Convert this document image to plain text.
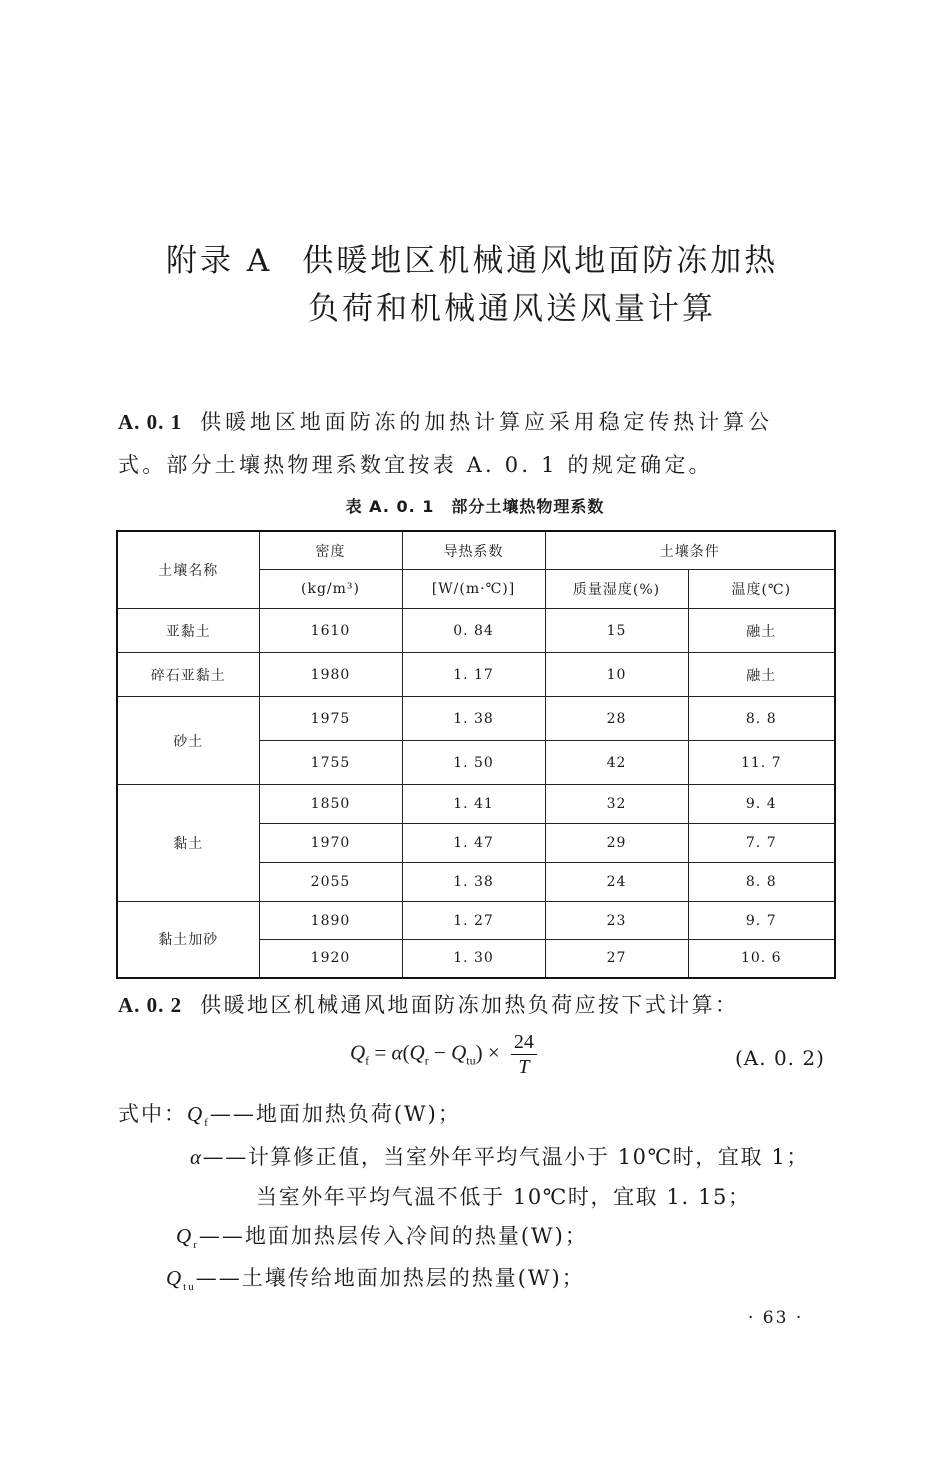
附录 A 供暖地区机械通风地面防冻加热
负荷和机械通风送风量计算
A. 0. 1 供暖地区地面防冻的加热计算应采用稳定传热计算公
式。部分土壤热物理系数宜按表 A. 0. 1 的规定确定。
表 A. 0. 1　部分土壤热物理系数
土壤名称	密度	导热系数	土壤条件	
	(kg/m³)	[W/(m·℃)]	质量湿度(%)	温度(℃)
亚黏土	1610	0. 84	15	融土
碎石亚黏土	1980	1. 17	10	融土
砂土	1975	1. 38	28	8. 8
	1755	1. 50	42	11. 7
黏土	1850	1. 41	32	9. 4
	1970	1. 47	29	7. 7
	2055	1. 38	24	8. 8
黏土加砂	1890	1. 27	23	9. 7
	1920	1. 30	27	10. 6
A. 0. 2 供暖地区机械通风地面防冻加热负荷应按下式计算：
$Q_f = \alpha(Q_r - Q_{tu}) \times \frac{24}{T}$	(A. 0. 2)
式中：$Q_f——$地面加热负荷(W)；
α——计算修正值，当室外年平均气温小于 10℃时，宜取 1；
当室外年平均气温不低于 10℃时，宜取 1. 15；
$Q_r——$地面加热层传入冷间的热量(W)；
$Q_{tu}——$土壤传给地面加热层的热量(W)；
· 63 ·
